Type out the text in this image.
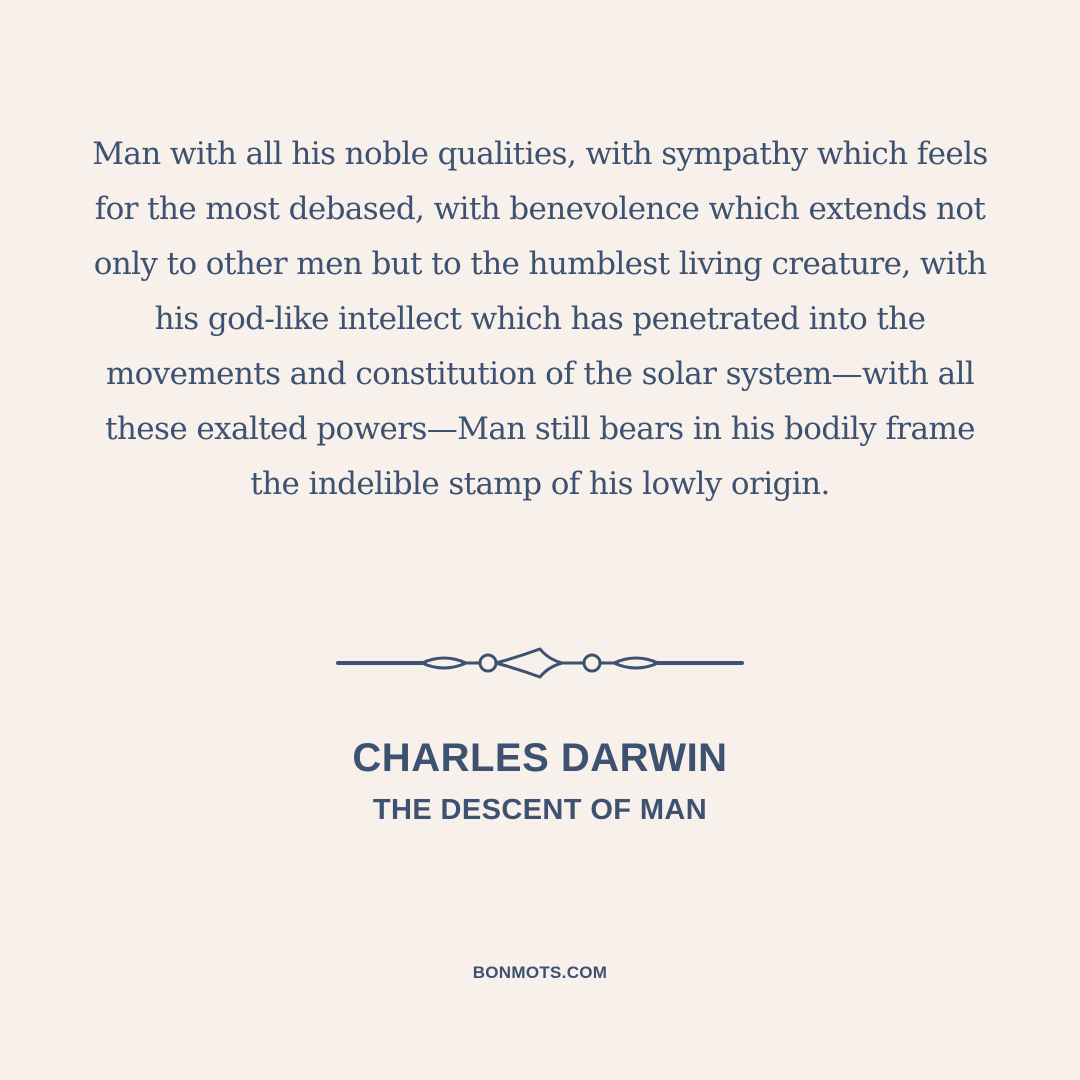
Man with all his noble qualities, with sympathy which feels for the most debased, with benevolence which extends not only to other men but to the humblest living creature, with his god-like intellect which has penetrated into the movements and constitution of the solar system—with all these exalted powers—Man still bears in his bodily frame the indelible stamp of his lowly origin.

CHARLES DARWIN
THE DESCENT OF MAN
BONMOTS.COM
